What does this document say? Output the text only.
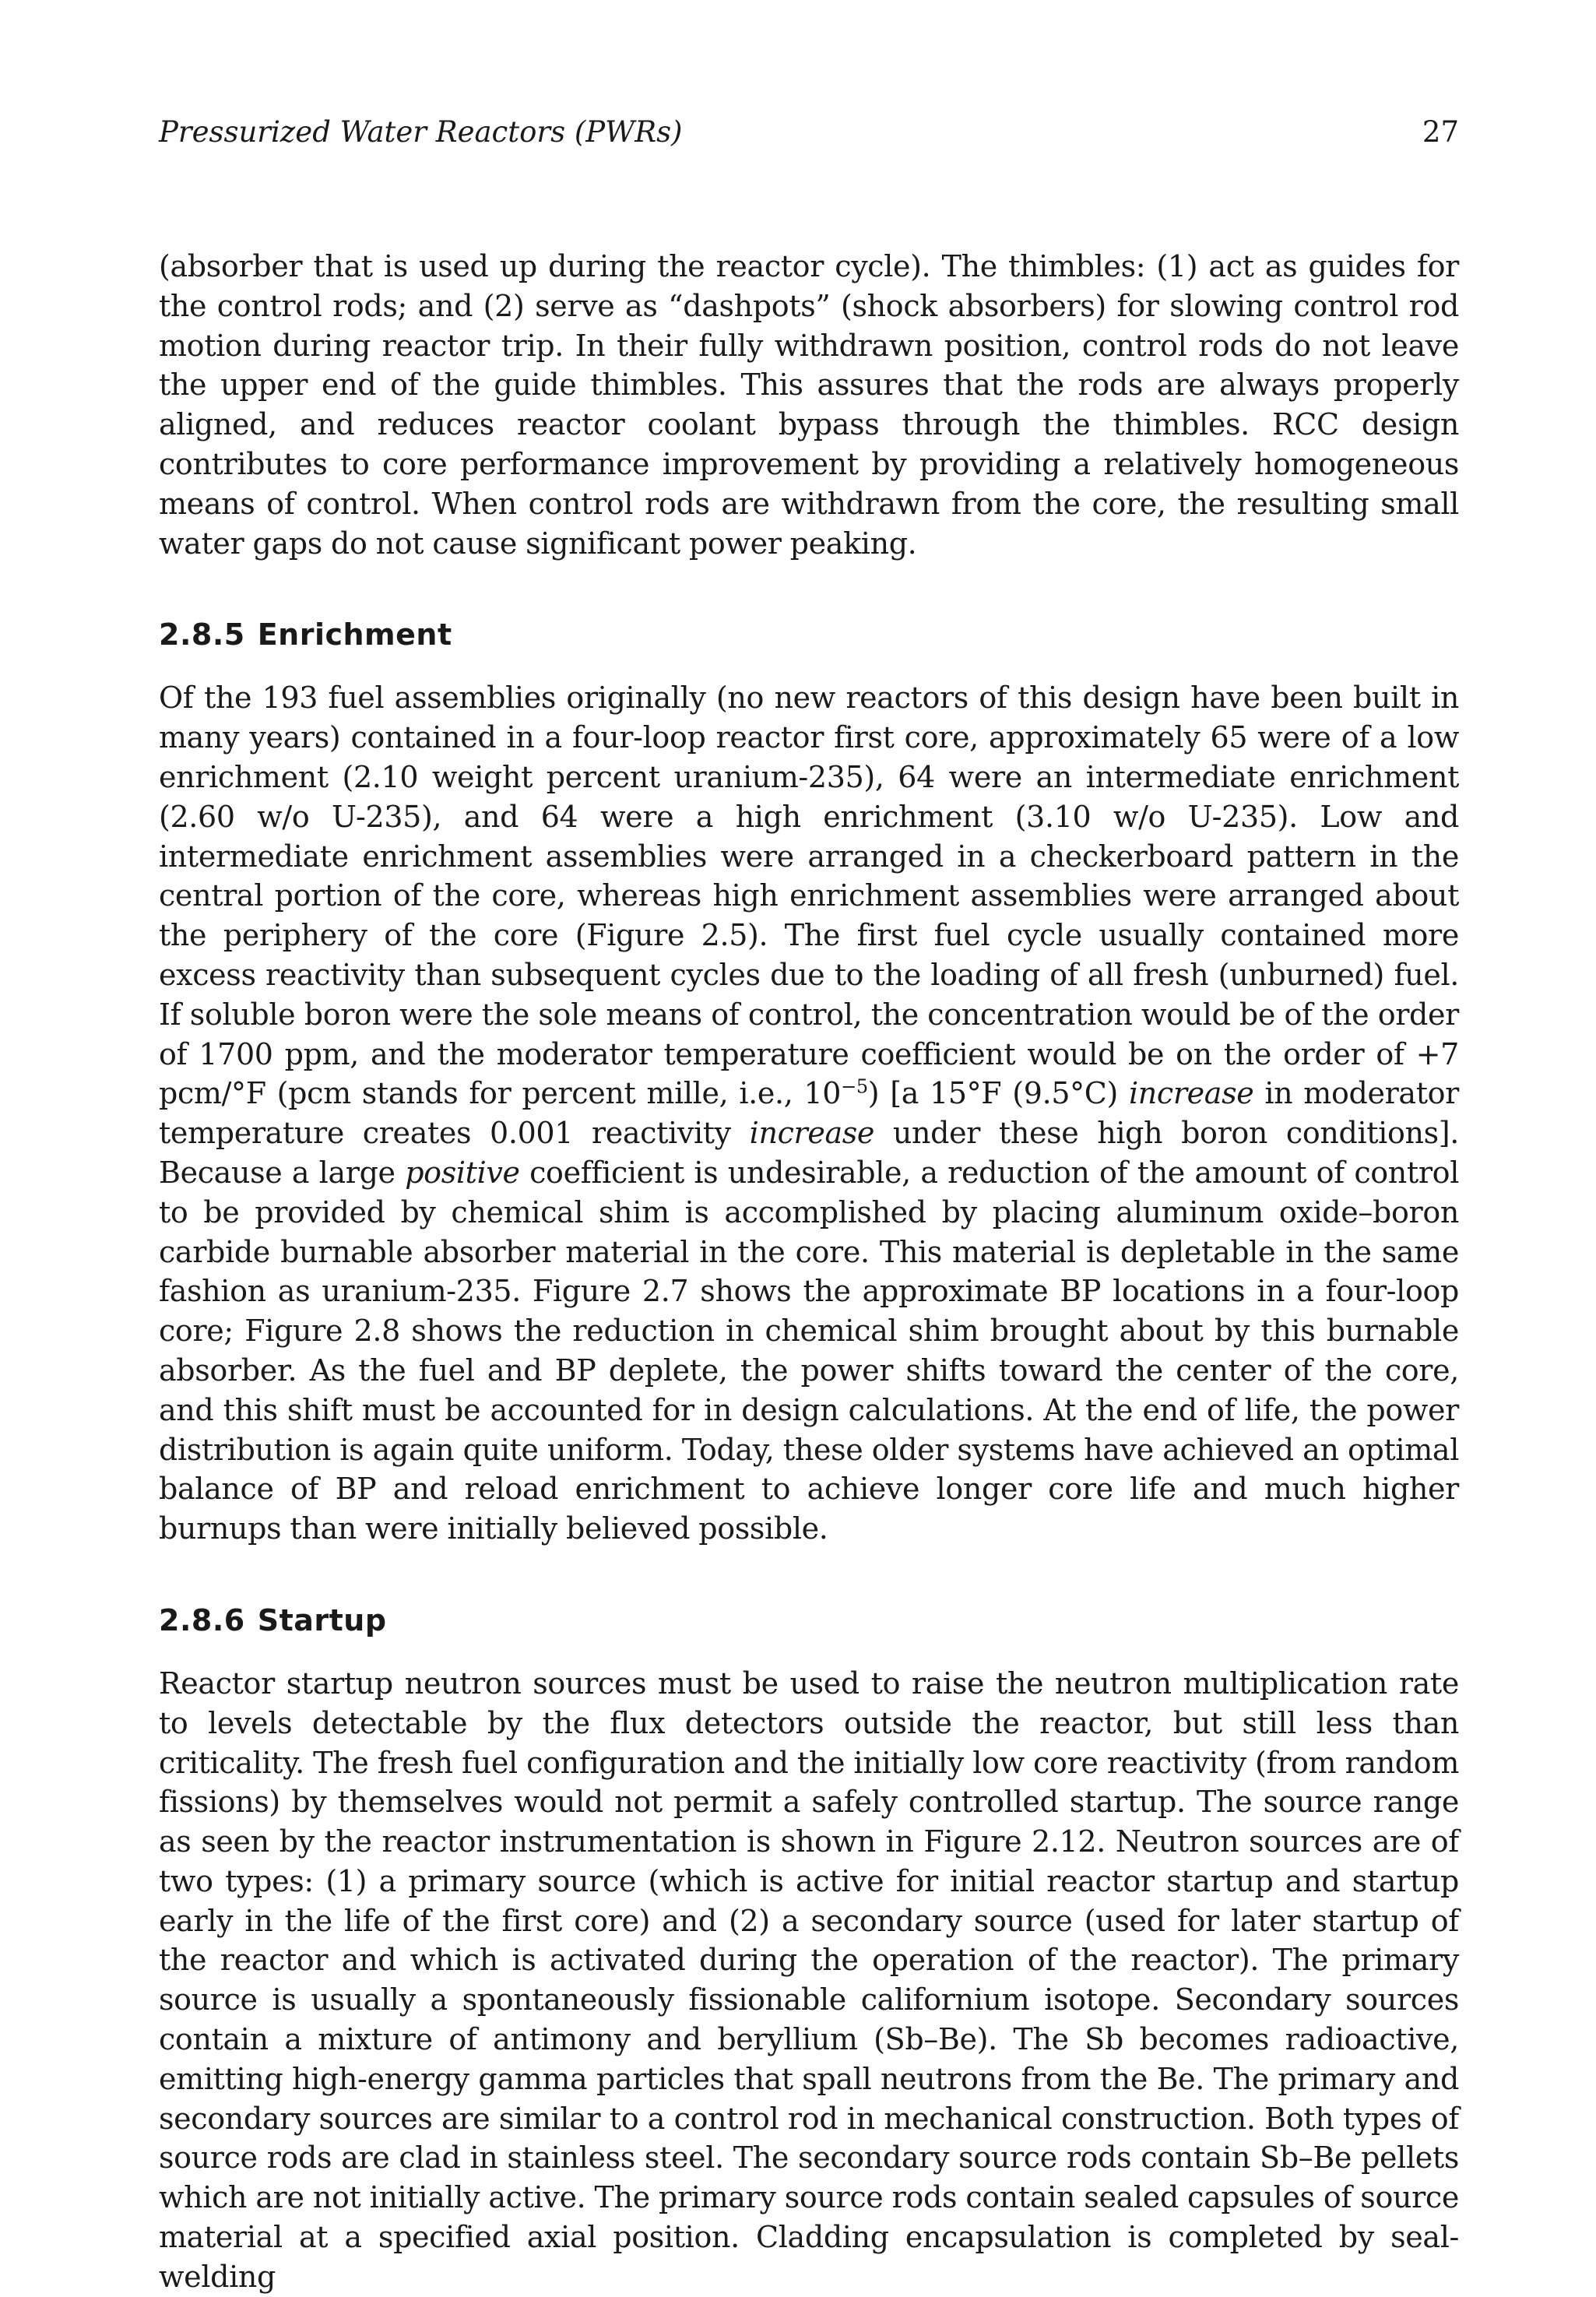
Pressurized Water Reactors (PWRs)	27

(absorber that is used up during the reactor cycle). The thimbles: (1) act as guides for the control rods; and (2) serve as “dashpots” (shock absorbers) for slowing control rod motion during reactor trip. In their fully withdrawn position, control rods do not leave the upper end of the guide thimbles. This assures that the rods are always properly aligned, and reduces reactor coolant bypass through the thimbles. RCC design contributes to core performance improvement by providing a relatively homogeneous means of control. When control rods are withdrawn from the core, the resulting small water gaps do not cause significant power peaking.

2.8.5 Enrichment

Of the 193 fuel assemblies originally (no new reactors of this design have been built in many years) contained in a four-loop reactor first core, approximately 65 were of a low enrichment (2.10 weight percent uranium-235), 64 were an intermediate enrichment (2.60 w/o U-235), and 64 were a high enrichment (3.10 w/o U-235). Low and intermediate enrichment assemblies were arranged in a checkerboard pattern in the central portion of the core, whereas high enrichment assemblies were arranged about the periphery of the core (Figure 2.5). The first fuel cycle usually contained more excess reactivity than subsequent cycles due to the loading of all fresh (unburned) fuel. If soluble boron were the sole means of control, the concentration would be of the order of 1700 ppm, and the moderator temperature coefficient would be on the order of +7 pcm/°F (pcm stands for percent mille, i.e., $10^{-5}$) [a 15°F (9.5°C) increase in moderator temperature creates 0.001 reactivity increase under these high boron conditions]. Because a large positive coefficient is undesirable, a reduction of the amount of control to be provided by chemical shim is accomplished by placing aluminum oxide–boron carbide burnable absorber material in the core. This material is depletable in the same fashion as uranium-235. Figure 2.7 shows the approximate BP locations in a four-loop core; Figure 2.8 shows the reduction in chemical shim brought about by this burnable absorber. As the fuel and BP deplete, the power shifts toward the center of the core, and this shift must be accounted for in design calculations. At the end of life, the power distribution is again quite uniform. Today, these older systems have achieved an optimal balance of BP and reload enrichment to achieve longer core life and much higher burnups than were initially believed possible.

2.8.6 Startup

Reactor startup neutron sources must be used to raise the neutron multiplication rate to levels detectable by the flux detectors outside the reactor, but still less than criticality. The fresh fuel configuration and the initially low core reactivity (from random fissions) by themselves would not permit a safely controlled startup. The source range as seen by the reactor instrumentation is shown in Figure 2.12. Neutron sources are of two types: (1) a primary source (which is active for initial reactor startup and startup early in the life of the first core) and (2) a secondary source (used for later startup of the reactor and which is activated during the operation of the reactor). The primary source is usually a spontaneously fissionable californium isotope. Secondary sources contain a mixture of antimony and beryllium (Sb–Be). The Sb becomes radioactive, emitting high-energy gamma particles that spall neutrons from the Be. The primary and secondary sources are similar to a control rod in mechanical construction. Both types of source rods are clad in stainless steel. The secondary source rods contain Sb–Be pellets which are not initially active. The primary source rods contain sealed capsules of source material at a specified axial position. Cladding encapsulation is completed by seal-welding
